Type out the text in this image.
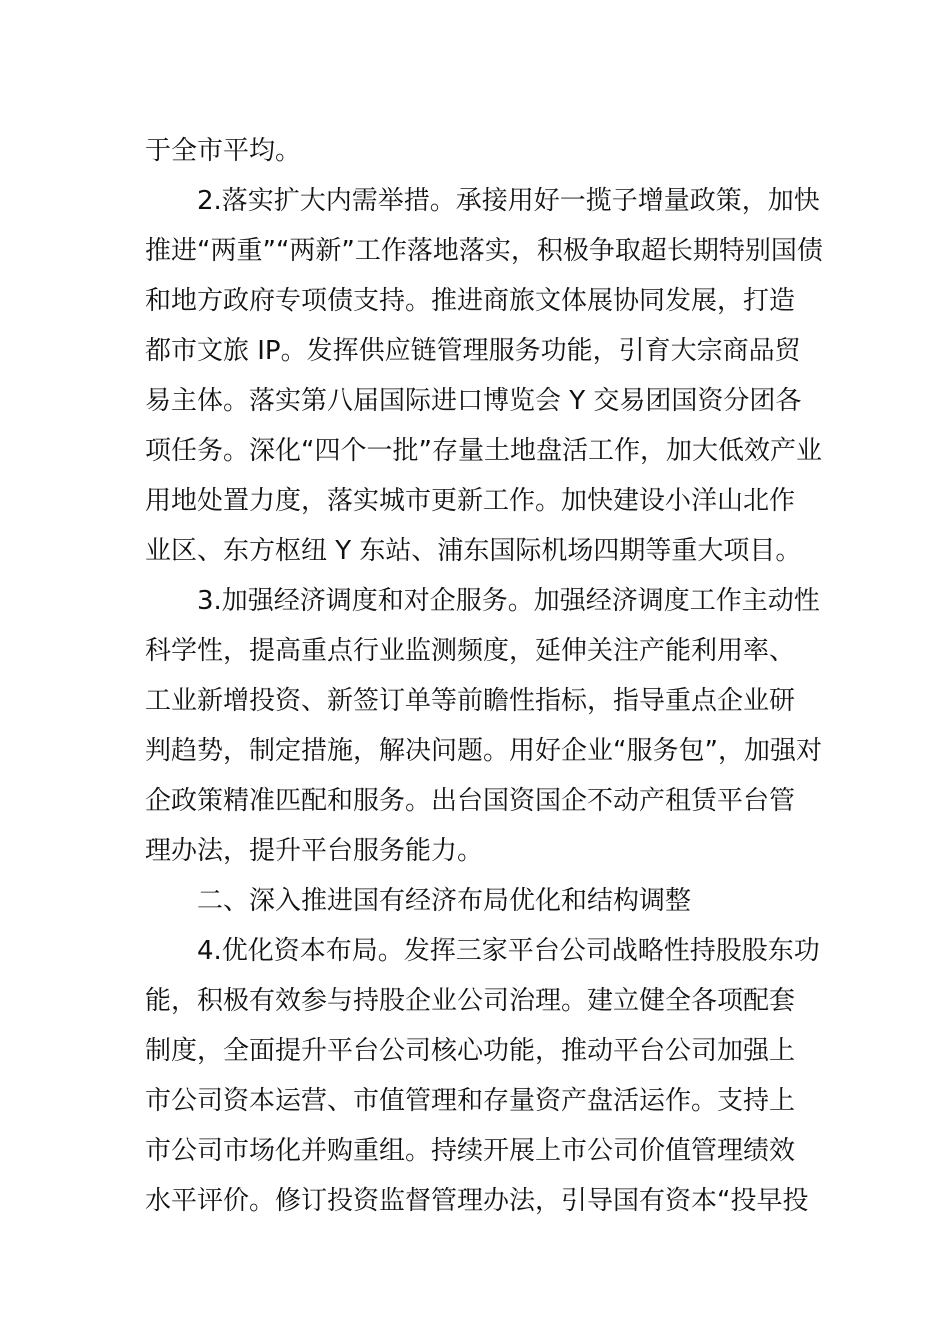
于全市平均。
2.落实扩大内需举措。承接用好一揽子增量政策，加快
推进“两重”“两新”工作落地落实，积极争取超长期特别国债
和地方政府专项债支持。推进商旅文体展协同发展，打造
都市文旅 IP。发挥供应链管理服务功能，引育大宗商品贸
易主体。落实第八届国际进口博览会 Y 交易团国资分团各
项任务。深化“四个一批”存量土地盘活工作，加大低效产业
用地处置力度，落实城市更新工作。加快建设小洋山北作
业区、东方枢纽 Y 东站、浦东国际机场四期等重大项目。
3.加强经济调度和对企服务。加强经济调度工作主动性
科学性，提高重点行业监测频度，延伸关注产能利用率、
工业新增投资、新签订单等前瞻性指标，指导重点企业研
判趋势，制定措施，解决问题。用好企业“服务包”，加强对
企政策精准匹配和服务。出台国资国企不动产租赁平台管
理办法，提升平台服务能力。
二、深入推进国有经济布局优化和结构调整
4.优化资本布局。发挥三家平台公司战略性持股股东功
能，积极有效参与持股企业公司治理。建立健全各项配套
制度，全面提升平台公司核心功能，推动平台公司加强上
市公司资本运营、市值管理和存量资产盘活运作。支持上
市公司市场化并购重组。持续开展上市公司价值管理绩效
水平评价。修订投资监督管理办法，引导国有资本“投早投
